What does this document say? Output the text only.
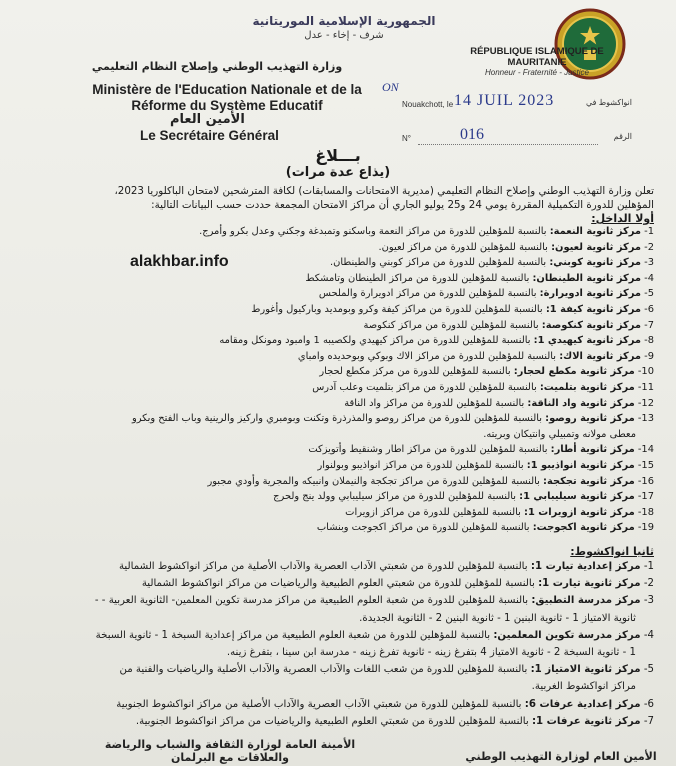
الجمهورية الإسلامية الموريتانية
شرف - إخاء - عدل
RÉPUBLIQUE ISLAMIQUE DE MAURITANIE
Honneur - Fraternité - Justice
وزارة التهذيب الوطني وإصلاح النظام التعليمي
Ministère de l'Education Nationale et de la
Réforme du Système Educatif
الأمين العام
Le Secrétaire Général
ON
Nouakchott, le 14 JUIL 2023	انواكشوط في
N°	016	الرقم
بـــلاغ
(يذاع عدة مرات)
تعلن وزارة التهذيب الوطني وإصلاح النظام التعليمي (مديرية الامتحانات والمسابقات) لكافة المترشحين لامتحان الباكلوريا 2023،
المؤهلين للدورة التكميلية المقررة يومي 24 و25 يوليو الجاري أن مراكز الامتحان المجمعة حددت حسب البيانات التالية:
أولا الداخل:
1- مركز ثانوية النعمة: بالنسبة للمؤهلين للدورة من مراكز النعمة وباسكنو وتمبدغة وجكني وعدل بكرو وأمرج.
2- مركز ثانوية لعيون: بالنسبة للمؤهلين للدورة من مراكز لعيون.
3- مركز ثانوية كوبني: بالنسبة للمؤهلين للدورة من مراكز كوبني والطينطان.
4- مركز ثانوية الطينطان: بالنسبة للمؤهلين للدورة من مراكز الطينطان وتامشكط
5- مركز ثانوية ادويرارة: بالنسبة للمؤهلين للدورة من مراكز ادويرارة والملحس
6- مركز ثانوية كيفة 1: بالنسبة للمؤهلين للدورة من مراكز كيفة وكرو وبومديد وباركيول وأغورط
7- مركز ثانوية كنكوصة: بالنسبة للمؤهلين للدورة من مراكز كنكوصة
8- مركز ثانوية كيهيدي 1: بالنسبة للمؤهلين للدورة من مراكز كيهيدي ولكصيبه 1 وامبود ومونكل ومقامه
9- مركز ثانوية الاك: بالنسبة للمؤهلين للدورة من مراكز الاك وبوكي وبوحديده وامباي
10- مركز ثانوية مكطع لحجار: بالنسبة للمؤهلين للدورة من مركز مكطع لحجار
11- مركز ثانوية بتلميت: بالنسبة للمؤهلين للدورة من مراكز بتلميت وعلب آدرس
12- مركز ثانوية واد الناقة: بالنسبة للمؤهلين للدورة من مراكز واد الناقة
13- مركز ثانوية روصو: بالنسبة للمؤهلين للدورة من مراكز روصو والمذرذرة وتكنت وبومبري واركيز والرينية وباب الفتح وبكرو
معطى مولانه وتمبيلي وانتيكان وبريته.
14- مركز ثانوية أطار: بالنسبة للمؤهلين للدورة من مراكز اطار وشنقيط وأتويزكت
15- مركز ثانوية انواذيبو 1: بالنسبة للمؤهلين للدورة من مراكز انواذيبو وبولنوار
16- مركز ثانوية تجكجة: بالنسبة للمؤهلين للدورة من مراكز تجكجة والنيملان وانبيكه والمجرية وأودي مجبور
17- مركز ثانوية سيليبابي 1: بالنسبة للمؤهلين للدورة من مراكز سيليبابي وولد ينج ولحرج
18- مركز ثانوية ازويرات 1: بالنسبة للمؤهلين للدورة من مراكز ازويرات
19- مركز ثانوية اكجوجت: بالنسبة للمؤهلين للدورة من مراكز اكجوجت وبنشاب
alakhbar.info
ثانيا انواكشوط:
1- مركز إعدادية تيارت 1: بالنسبة للمؤهلين للدورة من شعبتي الآداب العصرية والآداب الأصلية من مراكز انواكشوط الشمالية
2- مركز ثانوية تيارت 1: بالنسبة للمؤهلين للدورة من شعبتي العلوم الطبيعية والرياضيات من مراكز انواكشوط الشمالية
3- مركز مدرسة التطبيق: بالنسبة للمؤهلين للدورة من شعبة العلوم الطبيعية من مراكز مدرسة تكوين المعلمين- الثانوية العربية - -
ثانوية الامتياز 1 - ثانوية البنين 1 - ثانوية البنين 2 - الثانوية الجديدة.
4- مركز مدرسة تكوين المعلمين: بالنسبة للمؤهلين للدورة من شعبة العلوم الطبيعية من مراكز إعدادية السبخة 1 - ثانوية السبخة
1 - ثانوية السبخة 2 - ثانوية الامتياز 4 بتفرغ زينه - ثانوية تفرغ زينه - مدرسة ابن سينا ، بتفرغ زينه.
5- مركز ثانوية الامتياز 1: بالنسبة للمؤهلين للدورة من شعب اللغات والآداب العصرية والآداب الأصلية والرياضيات والفنية من
مراكز انواكشوط الغربية.
6- مركز إعدادية عرفات 6: بالنسبة للمؤهلين للدورة من شعبتي الآداب العصرية والآداب الأصلية من مراكز انواكشوط الجنوبية
7- مركز ثانوية عرفات 1: بالنسبة للمؤهلين للدورة من شعبتي العلوم الطبيعية والرياضيات من مراكز انواكشوط الجنوبية.
الأمينة العامة لوزارة الثقافة والشباب والرياضة
والعلاقات مع البرلمان	الأمين العام لوزارة التهذيب الوطني
